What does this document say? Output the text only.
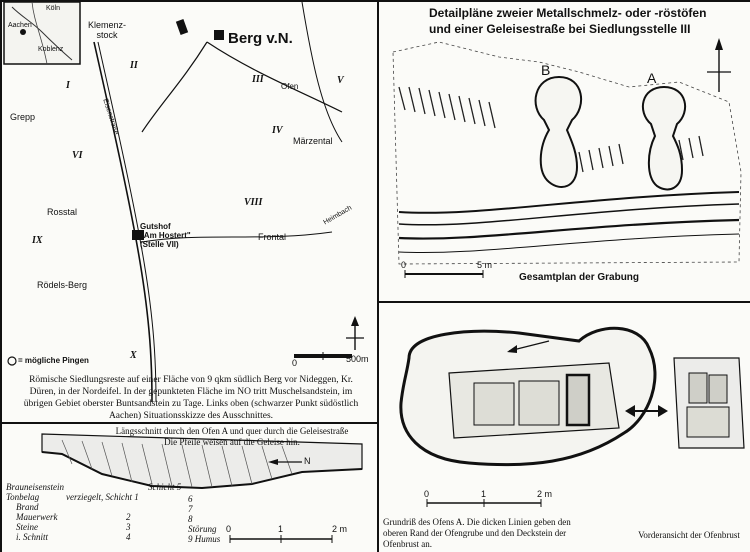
Aachen
Köln
Koblenz
Klemenz-
stock	Berg v.N.
Ofen
Grepp
Märzental
Rosstal
Frontal
Gutshof
"Am Hostert"
(Stelle VII)
Rödels-Berg
Eisenstraße
Heimbach
I
II
III
IV
V
VI
VIII
IX
X
= mögliche Pingen	0	500m
Römische Siedlungsreste auf einer Fläche von 9 qkm südlich Berg vor Nideggen, Kr. Düren, in der Nordeifel. In der gepunkteten Fläche im NO tritt Muschelsandstein, im übrigen Gebiet oberster Buntsandstein zu Tage. Links oben (schwarzer Punkt südöstlich Aachen) Situationsskizze des Ausschnittes.
Detailpläne zweier Metallschmelz- oder -röstöfen
und einer Geleisestraße bei Siedlungsstelle III
B	A
0	5 m
Gesamtplan der Grabung
Längsschnitt durch den Ofen A und quer durch die Geleisestraße
Die Pfeile weisen auf die Geleise hin.
N
Brauneisenstein
Tonbelag
Brand
Mauerwerk
Steine
i. Schnitt
verziegelt, Schicht 1
2
3
4
Schicht 5
6
7
8
Störung
9 Humus
0	1	2 m
0	1	2 m
Grundriß des Ofens A. Die dicken Linien geben den oberen Rand der Ofengrube und den Deckstein der Ofenbrust an.
Vorderansicht der Ofenbrust
